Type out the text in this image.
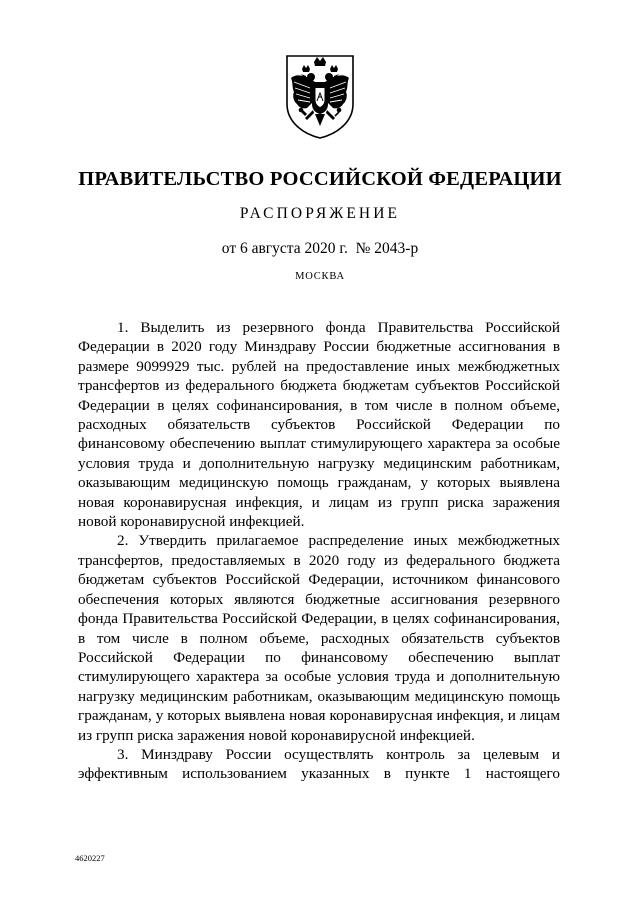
ПРАВИТЕЛЬСТВО РОССИЙСКОЙ ФЕДЕРАЦИИ
РАСПОРЯЖЕНИЕ
от 6 августа 2020 г.  № 2043-р
МОСКВА

1. Выделить из резервного фонда Правительства Российской Федерации в 2020 году Минздраву России бюджетные ассигнования в размере 9099929 тыс. рублей на предоставление иных межбюджетных трансфертов из федерального бюджета бюджетам субъектов Российской Федерации в целях софинансирования, в том числе в полном объеме, расходных обязательств субъектов Российской Федерации по финансовому обеспечению выплат стимулирующего характера за особые условия труда и дополнительную нагрузку медицинским работникам, оказывающим медицинскую помощь гражданам, у которых выявлена новая коронавирусная инфекция, и лицам из групп риска заражения новой коронавирусной инфекцией.

2. Утвердить прилагаемое распределение иных межбюджетных трансфертов, предоставляемых в 2020 году из федерального бюджета бюджетам субъектов Российской Федерации, источником финансового обеспечения которых являются бюджетные ассигнования резервного фонда Правительства Российской Федерации, в целях софинансирования, в том числе в полном объеме, расходных обязательств субъектов Российской Федерации по финансовому обеспечению выплат стимулирующего характера за особые условия труда и дополнительную нагрузку медицинским работникам, оказывающим медицинскую помощь гражданам, у которых выявлена новая коронавирусная инфекция, и лицам из групп риска заражения новой коронавирусной инфекцией.

3. Минздраву России осуществлять контроль за целевым и эффективным использованием указанных в пункте 1 настоящего

4620227
